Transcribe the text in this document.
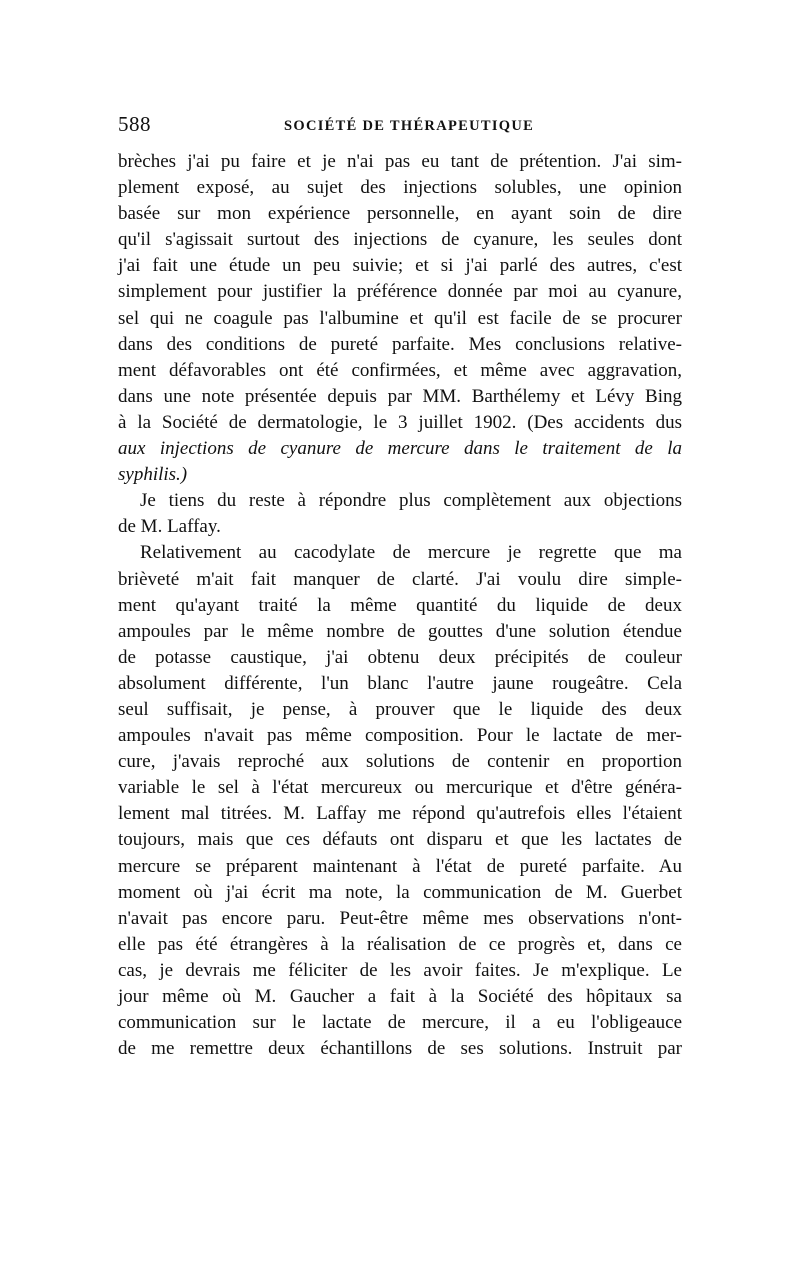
588	SOCIÉTÉ DE THÉRAPEUTIQUE

brèches j'ai pu faire et je n'ai pas eu tant de prétention. J'ai sim-
plement exposé, au sujet des injections solubles, une opinion
basée sur mon expérience personnelle, en ayant soin de dire
qu'il s'agissait surtout des injections de cyanure, les seules dont
j'ai fait une étude un peu suivie; et si j'ai parlé des autres, c'est
simplement pour justifier la préférence donnée par moi au cyanure,
sel qui ne coagule pas l'albumine et qu'il est facile de se procurer
dans des conditions de pureté parfaite. Mes conclusions relative-
ment défavorables ont été confirmées, et même avec aggravation,
dans une note présentée depuis par MM. Barthélemy et Lévy Bing
à la Société de dermatologie, le 3 juillet 1902. (Des accidents dus
aux injections de cyanure de mercure dans le traitement de la
syphilis.)

Je tiens du reste à répondre plus complètement aux objections
de M. Laffay.

Relativement au cacodylate de mercure je regrette que ma
brièveté m'ait fait manquer de clarté. J'ai voulu dire simple-
ment qu'ayant traité la même quantité du liquide de deux
ampoules par le même nombre de gouttes d'une solution étendue
de potasse caustique, j'ai obtenu deux précipités de couleur
absolument différente, l'un blanc l'autre jaune rougeâtre. Cela
seul suffisait, je pense, à prouver que le liquide des deux
ampoules n'avait pas même composition. Pour le lactate de mer-
cure, j'avais reproché aux solutions de contenir en proportion
variable le sel à l'état mercureux ou mercurique et d'être généra-
lement mal titrées. M. Laffay me répond qu'autrefois elles l'étaient
toujours, mais que ces défauts ont disparu et que les lactates de
mercure se préparent maintenant à l'état de pureté parfaite. Au
moment où j'ai écrit ma note, la communication de M. Guerbet
n'avait pas encore paru. Peut-être même mes observations n'ont-
elle pas été étrangères à la réalisation de ce progrès et, dans ce
cas, je devrais me féliciter de les avoir faites. Je m'explique. Le
jour même où M. Gaucher a fait à la Société des hôpitaux sa
communication sur le lactate de mercure, il a eu l'obligeauce
de me remettre deux échantillons de ses solutions. Instruit par
